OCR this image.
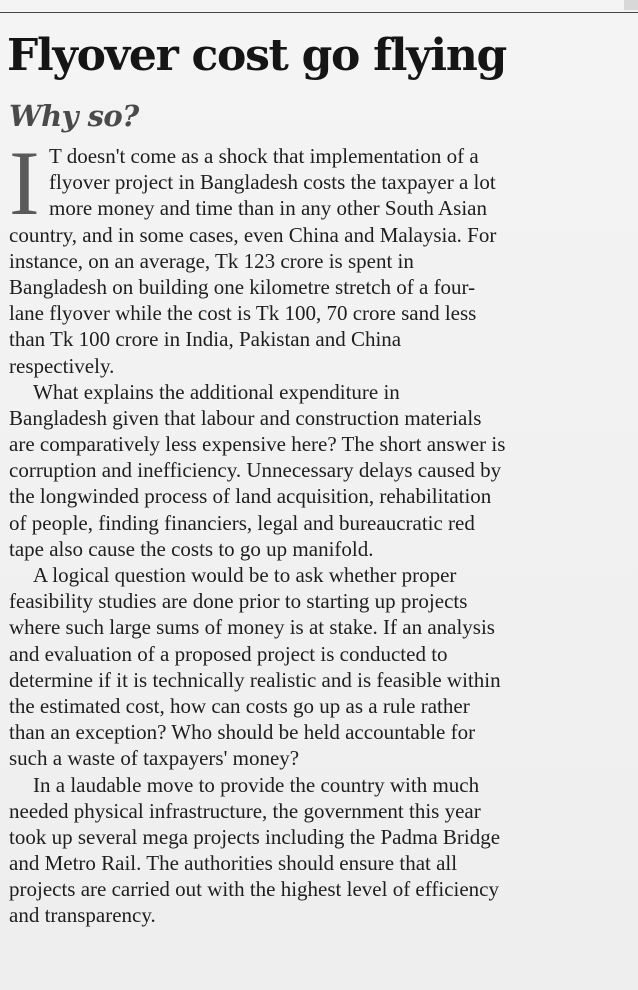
Flyover cost go flying
Why so?

I T doesn't come as a shock that implementation of a
flyover project in Bangladesh costs the taxpayer a lot
more money and time than in any other South Asian
country, and in some cases, even China and Malaysia. For
instance, on an average, Tk 123 crore is spent in
Bangladesh on building one kilometre stretch of a four-
lane flyover while the cost is Tk 100, 70 crore sand less
than Tk 100 crore in India, Pakistan and China
respectively.

What explains the additional expenditure in
Bangladesh given that labour and construction materials
are comparatively less expensive here? The short answer is
corruption and inefficiency. Unnecessary delays caused by
the longwinded process of land acquisition, rehabilitation
of people, finding financiers, legal and bureaucratic red
tape also cause the costs to go up manifold.

A logical question would be to ask whether proper
feasibility studies are done prior to starting up projects
where such large sums of money is at stake. If an analysis
and evaluation of a proposed project is conducted to
determine if it is technically realistic and is feasible within
the estimated cost, how can costs go up as a rule rather
than an exception? Who should be held accountable for
such a waste of taxpayers' money?

In a laudable move to provide the country with much
needed physical infrastructure, the government this year
took up several mega projects including the Padma Bridge
and Metro Rail. The authorities should ensure that all
projects are carried out with the highest level of efficiency
and transparency.
